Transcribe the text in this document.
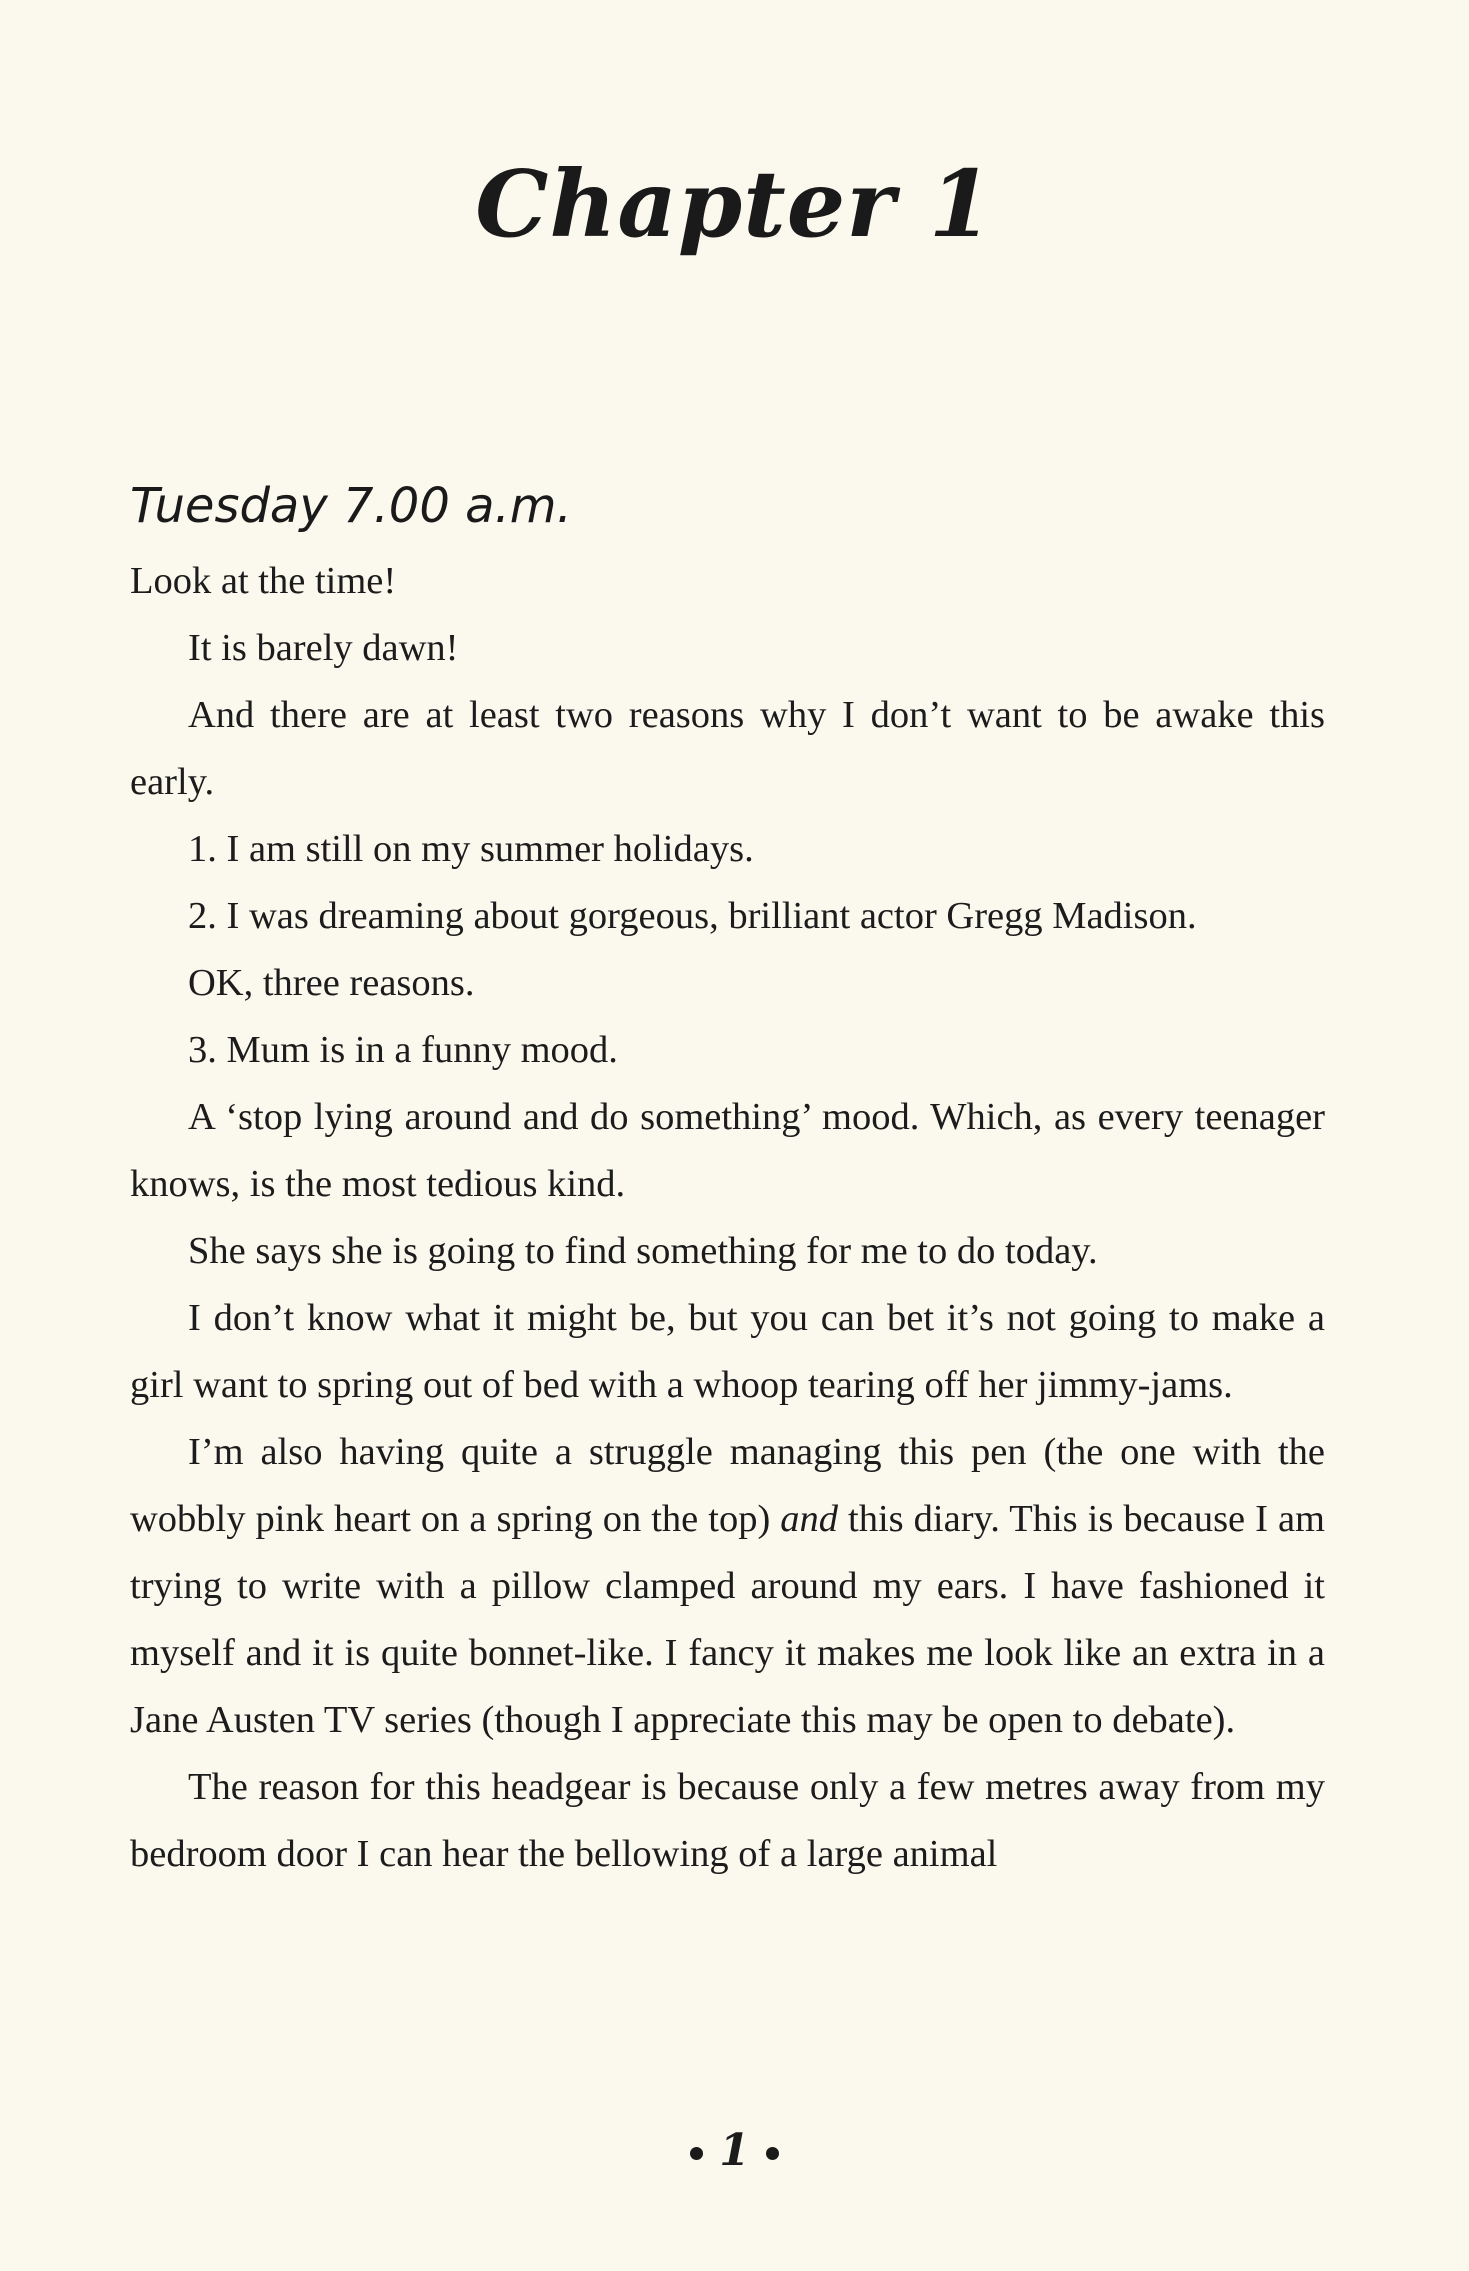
Chapter 1
Tuesday 7.00 a.m.

Look at the time!

It is barely dawn!

And there are at least two reasons why I don’t want to be awake this early.

1. I am still on my summer holidays.

2. I was dreaming about gorgeous, brilliant actor Gregg Madison.

OK, three reasons.

3. Mum is in a funny mood.

A ‘stop lying around and do something’ mood. Which, as every teenager knows, is the most tedious kind.

She says she is going to find something for me to do today.

I don’t know what it might be, but you can bet it’s not going to make a girl want to spring out of bed with a whoop tearing off her jimmy-jams.

I’m also having quite a struggle managing this pen (the one with the wobbly pink heart on a spring on the top) and this diary. This is because I am trying to write with a pillow clamped around my ears. I have fashioned it myself and it is quite bonnet-like. I fancy it makes me look like an extra in a Jane Austen TV series (though I appreciate this may be open to debate).

The reason for this headgear is because only a few metres away from my bedroom door I can hear the bellowing of a large animal

1
